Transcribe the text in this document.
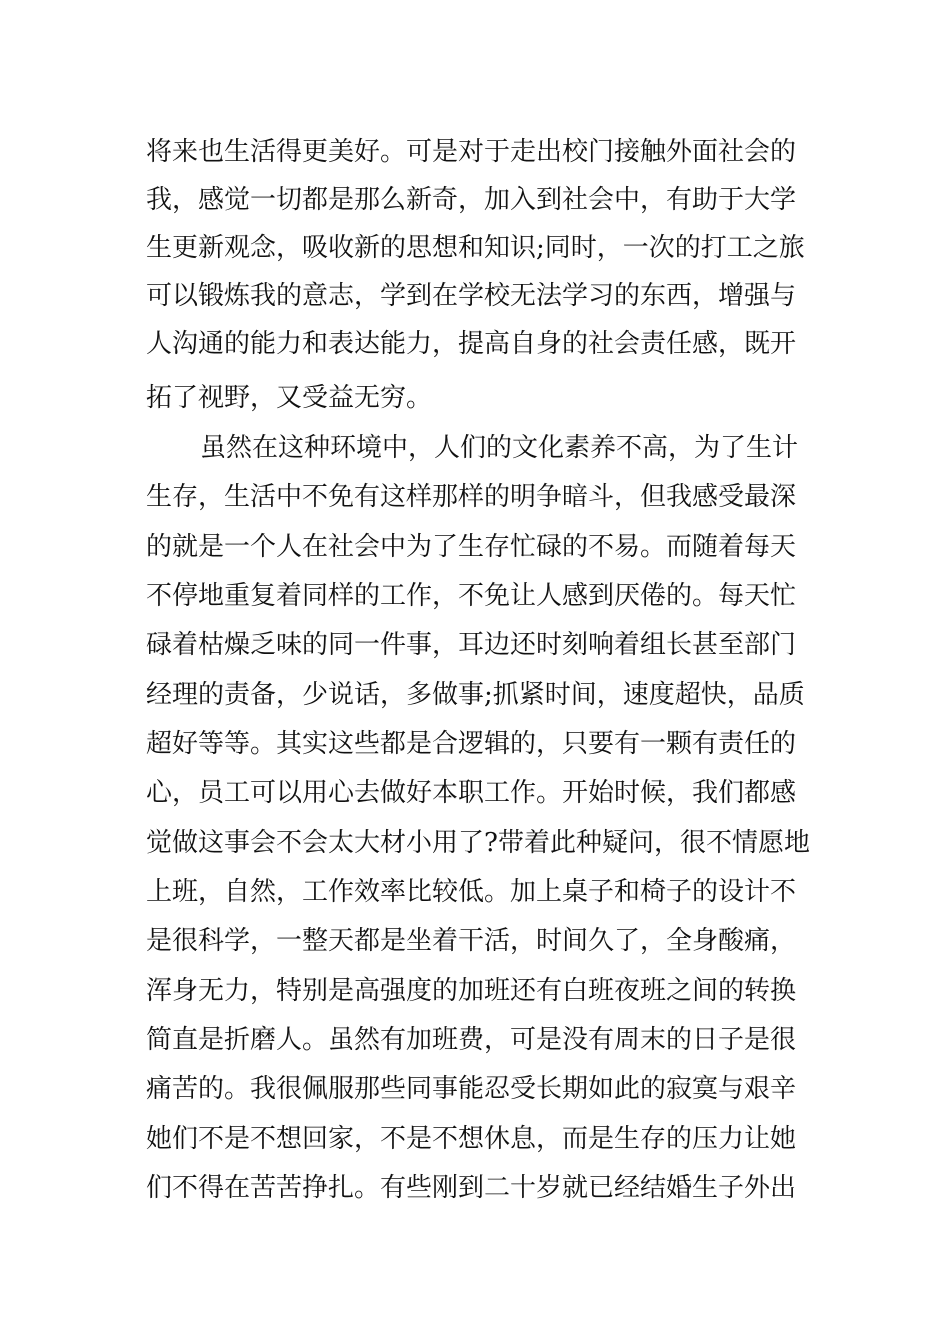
将来也生活得更美好。可是对于走出校门接触外面社会的
我，感觉一切都是那么新奇，加入到社会中，有助于大学
生更新观念，吸收新的思想和知识;同时，一次的打工之旅
可以锻炼我的意志，学到在学校无法学习的东西，增强与
人沟通的能力和表达能力，提高自身的社会责任感，既开
拓了视野，又受益无穷。
虽然在这种环境中，人们的文化素养不高，为了生计
生存，生活中不免有这样那样的明争暗斗，但我感受最深
的就是一个人在社会中为了生存忙碌的不易。而随着每天
不停地重复着同样的工作，不免让人感到厌倦的。每天忙
碌着枯燥乏味的同一件事，耳边还时刻响着组长甚至部门
经理的责备，少说话，多做事;抓紧时间，速度超快，品质
超好等等。其实这些都是合逻辑的，只要有一颗有责任的
心，员工可以用心去做好本职工作。开始时候，我们都感
觉做这事会不会太大材小用了?带着此种疑问，很不情愿地
上班，自然，工作效率比较低。加上桌子和椅子的设计不
是很科学，一整天都是坐着干活，时间久了，全身酸痛，
浑身无力，特别是高强度的加班还有白班夜班之间的转换
简直是折磨人。虽然有加班费，可是没有周末的日子是很
痛苦的。我很佩服那些同事能忍受长期如此的寂寞与艰辛
她们不是不想回家，不是不想休息，而是生存的压力让她
们不得在苦苦挣扎。有些刚到二十岁就已经结婚生子外出
